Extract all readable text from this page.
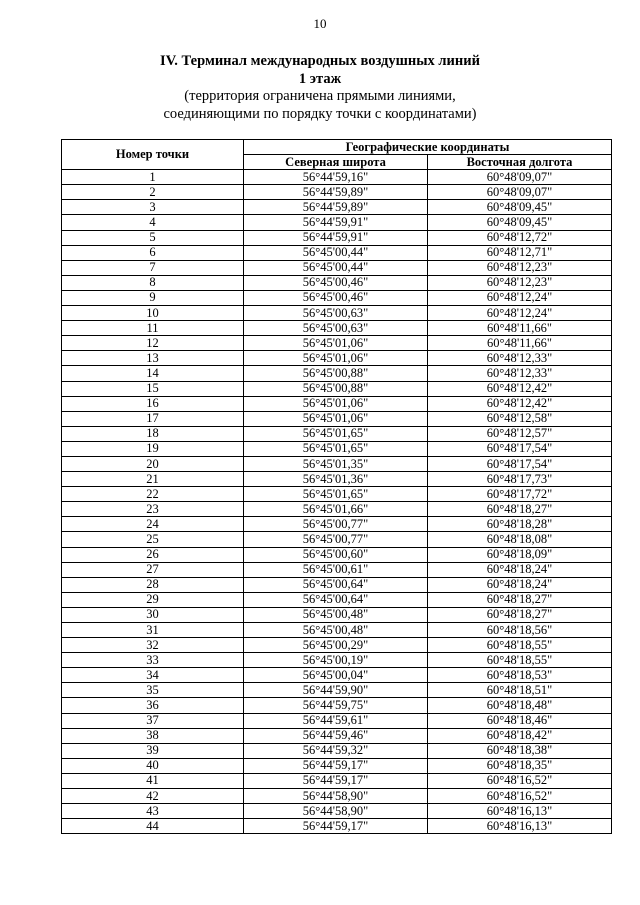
10
IV. Терминал международных воздушных линий
1 этаж
(территория ограничена прямыми линиями,
соединяющими по порядку точки с координатами)
Номер точки	Географические координаты	
	Северная широта	Восточная долгота
1	56°44'59,16"	60°48'09,07"
2	56°44'59,89"	60°48'09,07"
3	56°44'59,89"	60°48'09,45"
4	56°44'59,91"	60°48'09,45"
5	56°44'59,91"	60°48'12,72"
6	56°45'00,44"	60°48'12,71"
7	56°45'00,44"	60°48'12,23"
8	56°45'00,46"	60°48'12,23"
9	56°45'00,46"	60°48'12,24"
10	56°45'00,63"	60°48'12,24"
11	56°45'00,63"	60°48'11,66"
12	56°45'01,06"	60°48'11,66"
13	56°45'01,06"	60°48'12,33"
14	56°45'00,88"	60°48'12,33"
15	56°45'00,88"	60°48'12,42"
16	56°45'01,06"	60°48'12,42"
17	56°45'01,06"	60°48'12,58"
18	56°45'01,65"	60°48'12,57"
19	56°45'01,65"	60°48'17,54"
20	56°45'01,35"	60°48'17,54"
21	56°45'01,36"	60°48'17,73"
22	56°45'01,65"	60°48'17,72"
23	56°45'01,66"	60°48'18,27"
24	56°45'00,77"	60°48'18,28"
25	56°45'00,77"	60°48'18,08"
26	56°45'00,60"	60°48'18,09"
27	56°45'00,61"	60°48'18,24"
28	56°45'00,64"	60°48'18,24"
29	56°45'00,64"	60°48'18,27"
30	56°45'00,48"	60°48'18,27"
31	56°45'00,48"	60°48'18,56"
32	56°45'00,29"	60°48'18,55"
33	56°45'00,19"	60°48'18,55"
34	56°45'00,04"	60°48'18,53"
35	56°44'59,90"	60°48'18,51"
36	56°44'59,75"	60°48'18,48"
37	56°44'59,61"	60°48'18,46"
38	56°44'59,46"	60°48'18,42"
39	56°44'59,32"	60°48'18,38"
40	56°44'59,17"	60°48'18,35"
41	56°44'59,17"	60°48'16,52"
42	56°44'58,90"	60°48'16,52"
43	56°44'58,90"	60°48'16,13"
44	56°44'59,17"	60°48'16,13"
